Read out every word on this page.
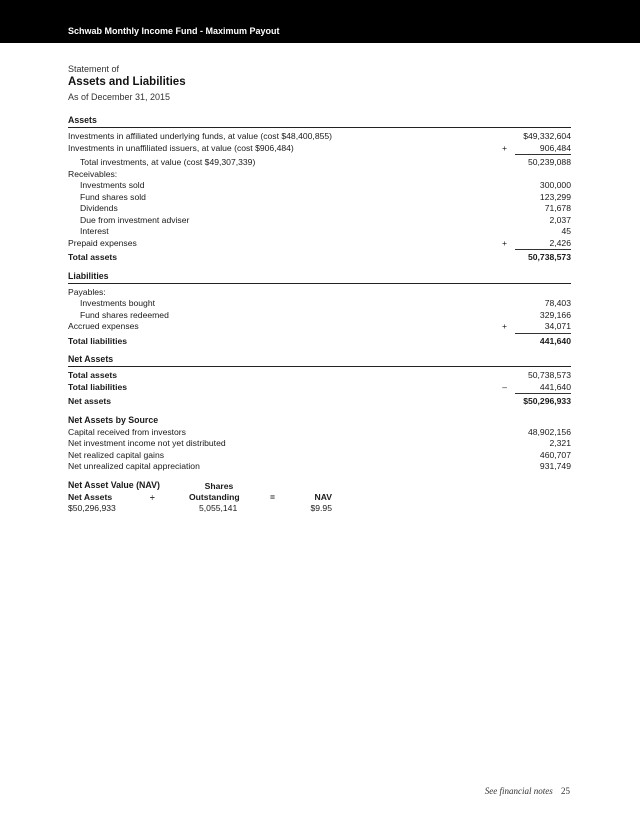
Schwab Monthly Income Fund - Maximum Payout
Statement of
Assets and Liabilities
As of December 31, 2015
Assets
Investments in affiliated underlying funds, at value (cost $48,400,855)	$49,332,604
Investments in unaffiliated issuers, at value (cost $906,484)	+	906,484
Total investments, at value (cost $49,307,339)	50,239,088
Receivables:
Investments sold	300,000
Fund shares sold	123,299
Dividends	71,678
Due from investment adviser	2,037
Interest	45
Prepaid expenses	+	2,426
Total assets	50,738,573
Liabilities
Payables:
Investments bought	78,403
Fund shares redeemed	329,166
Accrued expenses	+	34,071
Total liabilities	441,640
Net Assets
Total assets	50,738,573
Total liabilities	–	441,640
Net assets	$50,296,933
Net Assets by Source
Capital received from investors	48,902,156
Net investment income not yet distributed	2,321
Net realized capital gains	460,707
Net unrealized capital appreciation	931,749
Net Asset Value (NAV)	Shares
Net Assets	÷	Outstanding	=	NAV
$50,296,933	5,055,141	$9.95
See financial notes 25
